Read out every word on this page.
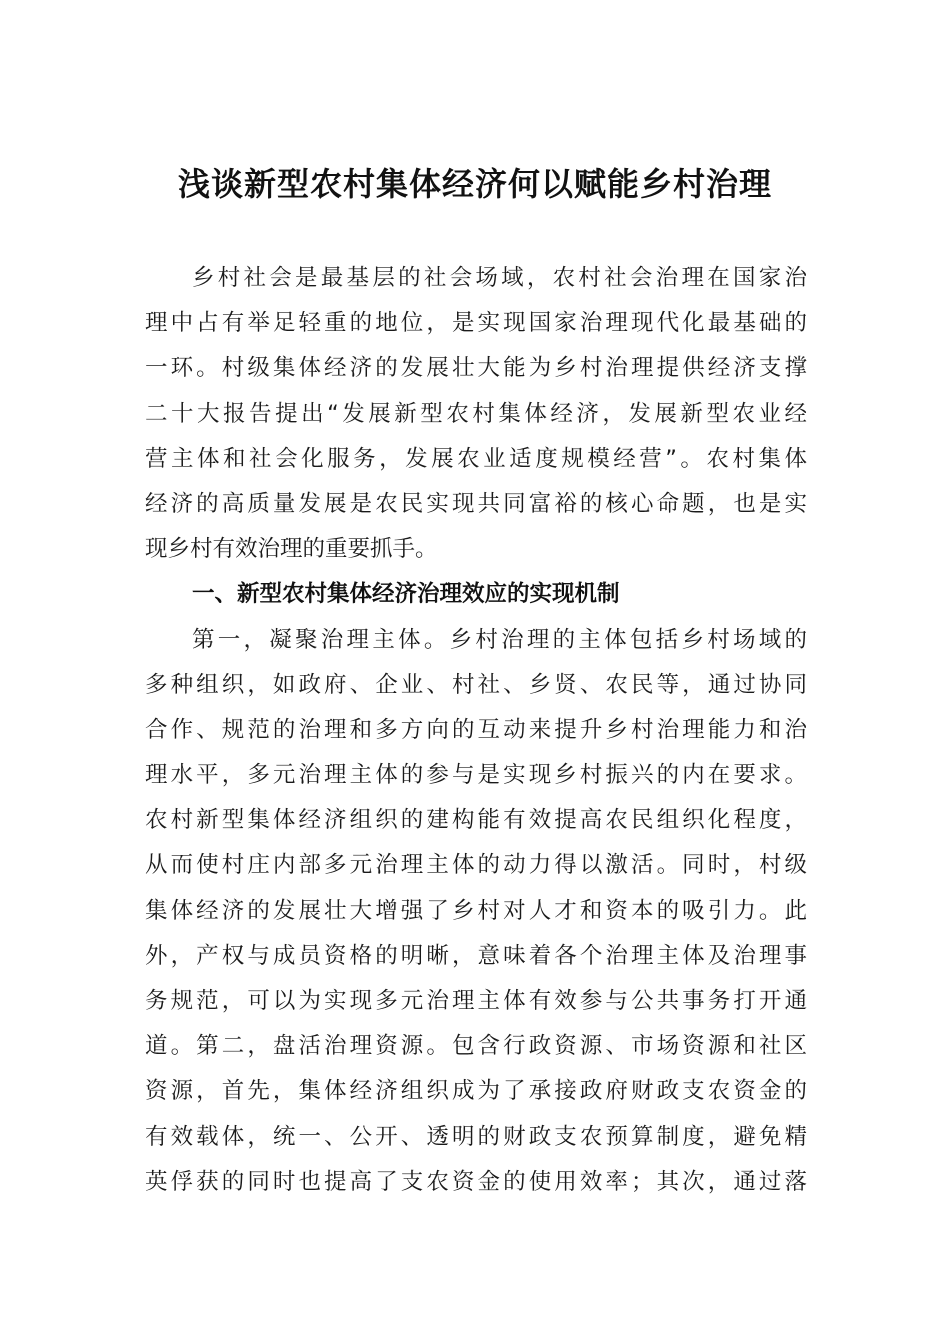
浅谈新型农村集体经济何以赋能乡村治理
乡村社会是最基层的社会场域，农村社会治理在国家治
理中占有举足轻重的地位，是实现国家治理现代化最基础的
一环。村级集体经济的发展壮大能为乡村治理提供经济支撑
二十大报告提出“发展新型农村集体经济，发展新型农业经
营主体和社会化服务，发展农业适度规模经营”。农村集体
经济的高质量发展是农民实现共同富裕的核心命题，也是实
现乡村有效治理的重要抓手。
一、新型农村集体经济治理效应的实现机制
第一，凝聚治理主体。乡村治理的主体包括乡村场域的
多种组织，如政府、企业、村社、乡贤、农民等，通过协同
合作、规范的治理和多方向的互动来提升乡村治理能力和治
理水平，多元治理主体的参与是实现乡村振兴的内在要求。
农村新型集体经济组织的建构能有效提高农民组织化程度，
从而使村庄内部多元治理主体的动力得以激活。同时，村级
集体经济的发展壮大增强了乡村对人才和资本的吸引力。此
外，产权与成员资格的明晰，意味着各个治理主体及治理事
务规范，可以为实现多元治理主体有效参与公共事务打开通
道。第二，盘活治理资源。包含行政资源、市场资源和社区
资源，首先，集体经济组织成为了承接政府财政支农资金的
有效载体，统一、公开、透明的财政支农预算制度，避免精
英俘获的同时也提高了支农资金的使用效率；其次，通过落
